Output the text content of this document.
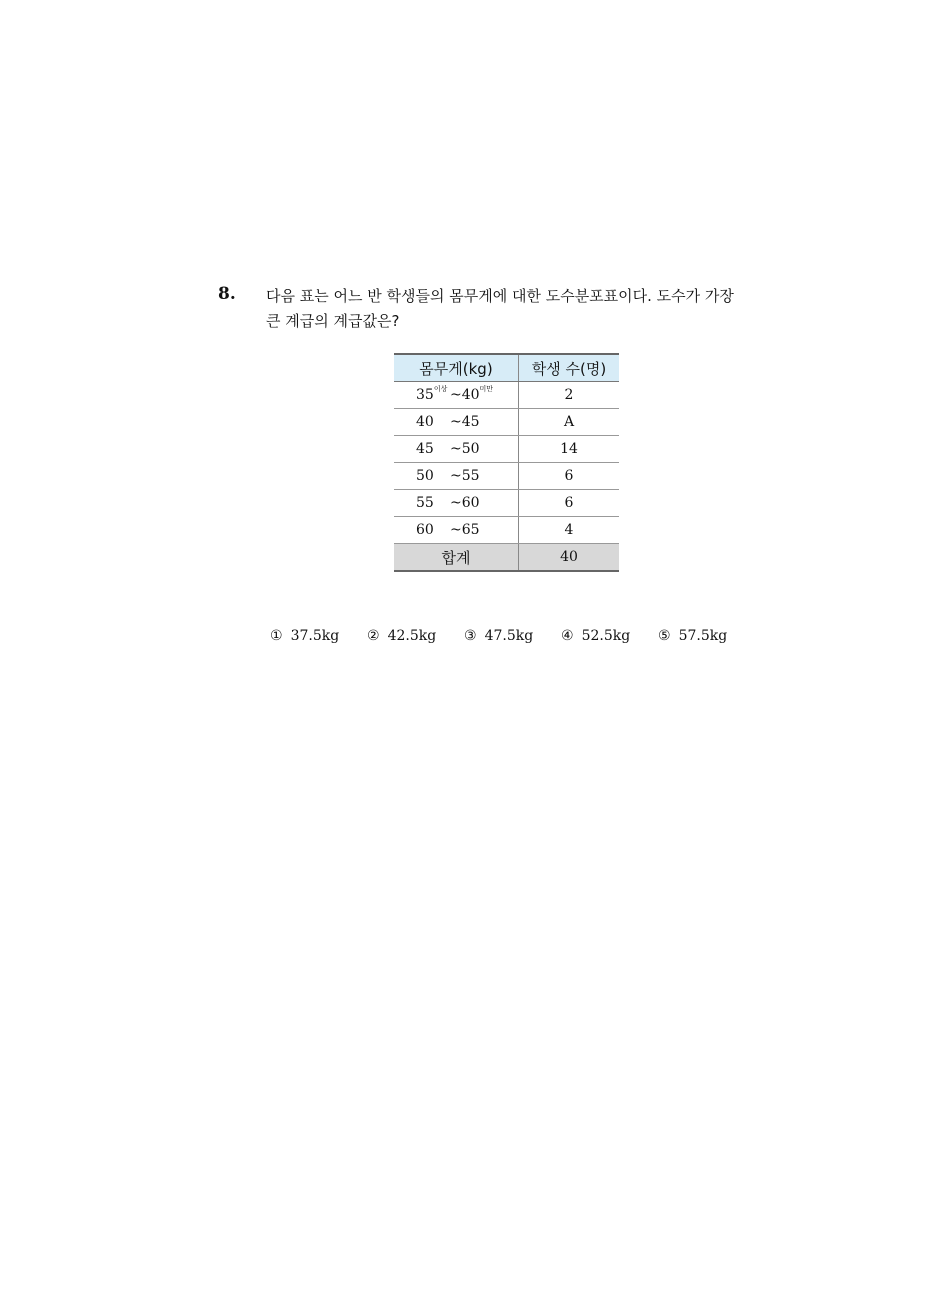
8. 다음 표는 어느 반 학생들의 몸무게에 대한 도수분포표이다. 도수가 가장
큰 계급의 계급값은?
몸무게(kg)	학생 수(명)
$35^{이상}$ $\sim 40^{미만}$	2
40 ~45	A
45 ~50	14
50 ~55	6
55 ~60	6
60 ~65	4
합계	40
① 37.5kg	② 42.5kg	③ 47.5kg	④ 52.5kg	⑤ 57.5kg
